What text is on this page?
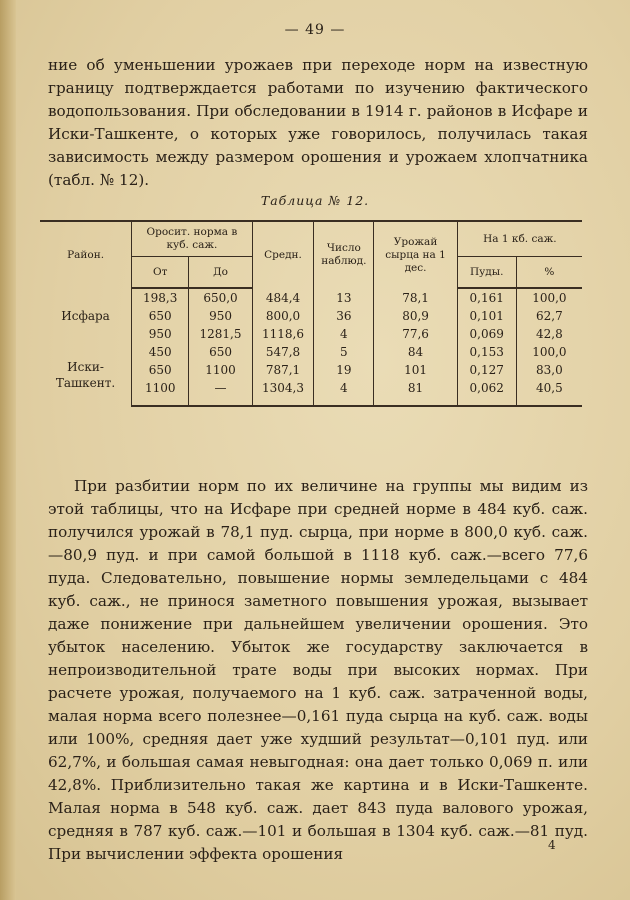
— 49 —

ние об уменьшении урожаев при переходе норм на известную границу подтверждается работами по изучению фактического водопользования. При обследовании в 1914 г. районов в Исфаре и Иски-Ташкенте, о которых уже говорилось, получилась такая зависимость между размером орошения и урожаем хлопчатника (табл. № 12).

Таблица № 12.
Район.	Оросит. норма в куб. саж.		Средн.	Число наблюд.	Урожай сырца на 1 дес.	На 1 кб. саж.	
	От	До				Пуды.	%
Исфара	198,3	650,0	484,4	13	78,1	0,161	100,0
	650	950	800,0	36	80,9	0,101	62,7
	950	1281,5	1118,6	4	77,6	0,069	42,8
Иски-Ташкент.	450	650	547,8	5	84	0,153	100,0
	650	1100	787,1	19	101	0,127	83,0
	1100	—	1304,3	4	81	0,062	40,5

При разбитии норм по их величине на группы мы видим из этой таблицы, что на Исфаре при средней норме в 484 куб. саж. получился урожай в 78,1 пуд. сырца, при норме в 800,0 куб. саж.—80,9 пуд. и при самой большой в 1118 куб. саж.—всего 77,6 пуда. Следовательно, повышение нормы земледельцами с 484 куб. саж., не принося заметного повышения урожая, вызывает даже понижение при дальнейшем увеличении орошения. Это убыток населению. Убыток же государству заключается в непроизводительной трате воды при высоких нормах. При расчете урожая, получаемого на 1 куб. саж. затраченной воды, малая норма всего полезнее—0,161 пуда сырца на куб. саж. воды или 100%, средняя дает уже худший результат—0,101 пуд. или 62,7%, и большая самая невыгодная: она дает только 0,069 п. или 42,8%. Приблизительно такая же картина и в Иски-Ташкенте. Малая норма в 548 куб. саж. дает 843 пуда валового урожая, средняя в 787 куб. саж.—101 и большая в 1304 куб. саж.—81 пуд. При вычислении эффекта орошения	4
